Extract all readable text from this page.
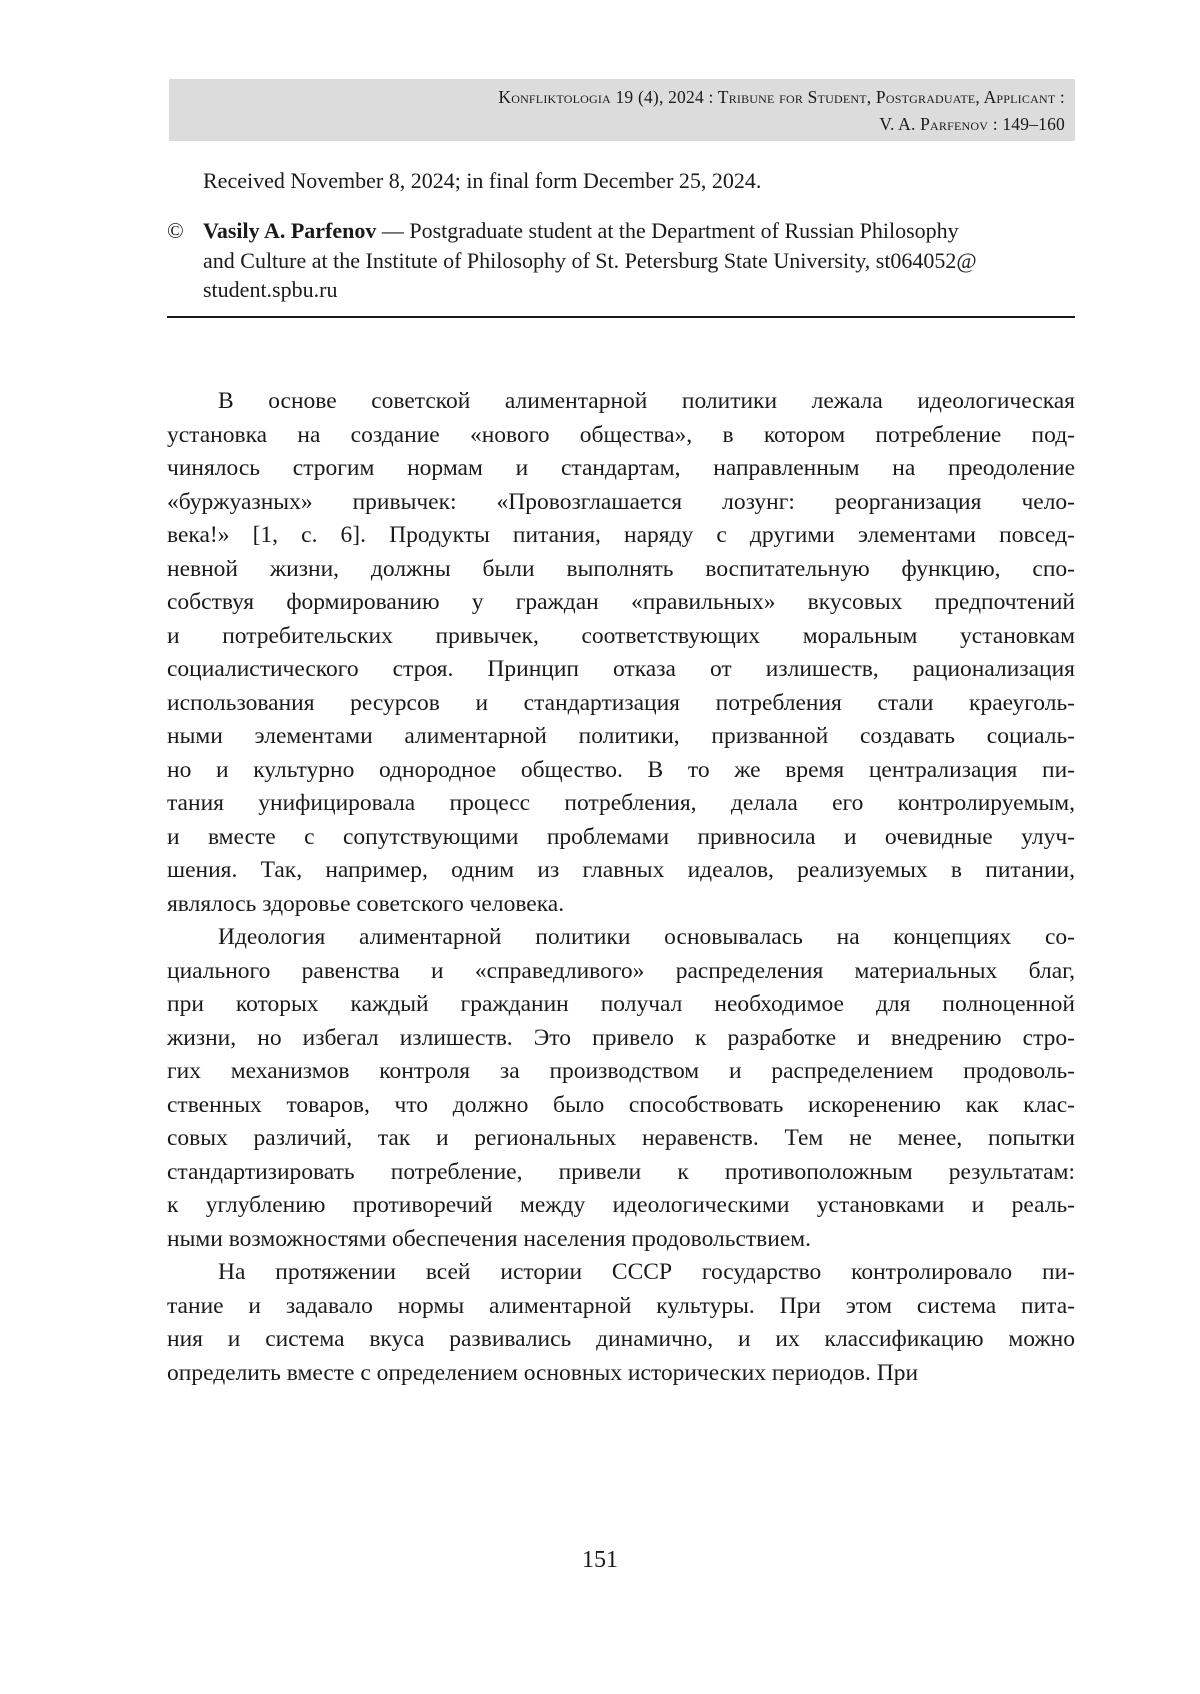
Konfliktologia 19 (4), 2024 : Tribune for Student, Postgraduate, Applicant :
V. A. Parfenov : 149–160
Received November 8, 2024; in final form December 25, 2024.
© Vasily A. Parfenov — Postgraduate student at the Department of Russian Philosophy
and Culture at the Institute of Philosophy of St. Petersburg State University, st064052@
student.spbu.ru
В основе советской алиментарной политики лежала идеологическая
установка на создание «нового общества», в котором потребление под-
чинялось строгим нормам и стандартам, направленным на преодоление
«буржуазных» привычек: «Провозглашается лозунг: реорганизация чело-
века!» [1, с. 6]. Продукты питания, наряду с другими элементами повсед-
невной жизни, должны были выполнять воспитательную функцию, спо-
собствуя формированию у граждан «правильных» вкусовых предпочтений
и потребительских привычек, соответствующих моральным установкам
социалистического строя. Принцип отказа от излишеств, рационализация
использования ресурсов и стандартизация потребления стали краеуголь-
ными элементами алиментарной политики, призванной создавать социаль-
но и культурно однородное общество. В то же время централизация пи-
тания унифицировала процесс потребления, делала его контролируемым,
и вместе с сопутствующими проблемами привносила и очевидные улуч-
шения. Так, например, одним из главных идеалов, реализуемых в питании,
являлось здоровье советского человека.
Идеология алиментарной политики основывалась на концепциях со-
циального равенства и «справедливого» распределения материальных благ,
при которых каждый гражданин получал необходимое для полноценной
жизни, но избегал излишеств. Это привело к разработке и внедрению стро-
гих механизмов контроля за производством и распределением продоволь-
ственных товаров, что должно было способствовать искоренению как клас-
совых различий, так и региональных неравенств. Тем не менее, попытки
стандартизировать потребление, привели к противоположным результатам:
к углублению противоречий между идеологическими установками и реаль-
ными возможностями обеспечения населения продовольствием.
На протяжении всей истории СССР государство контролировало пи-
тание и задавало нормы алиментарной культуры. При этом система пита-
ния и система вкуса развивались динамично, и их классификацию можно
определить вместе с определением основных исторических периодов. При
151
